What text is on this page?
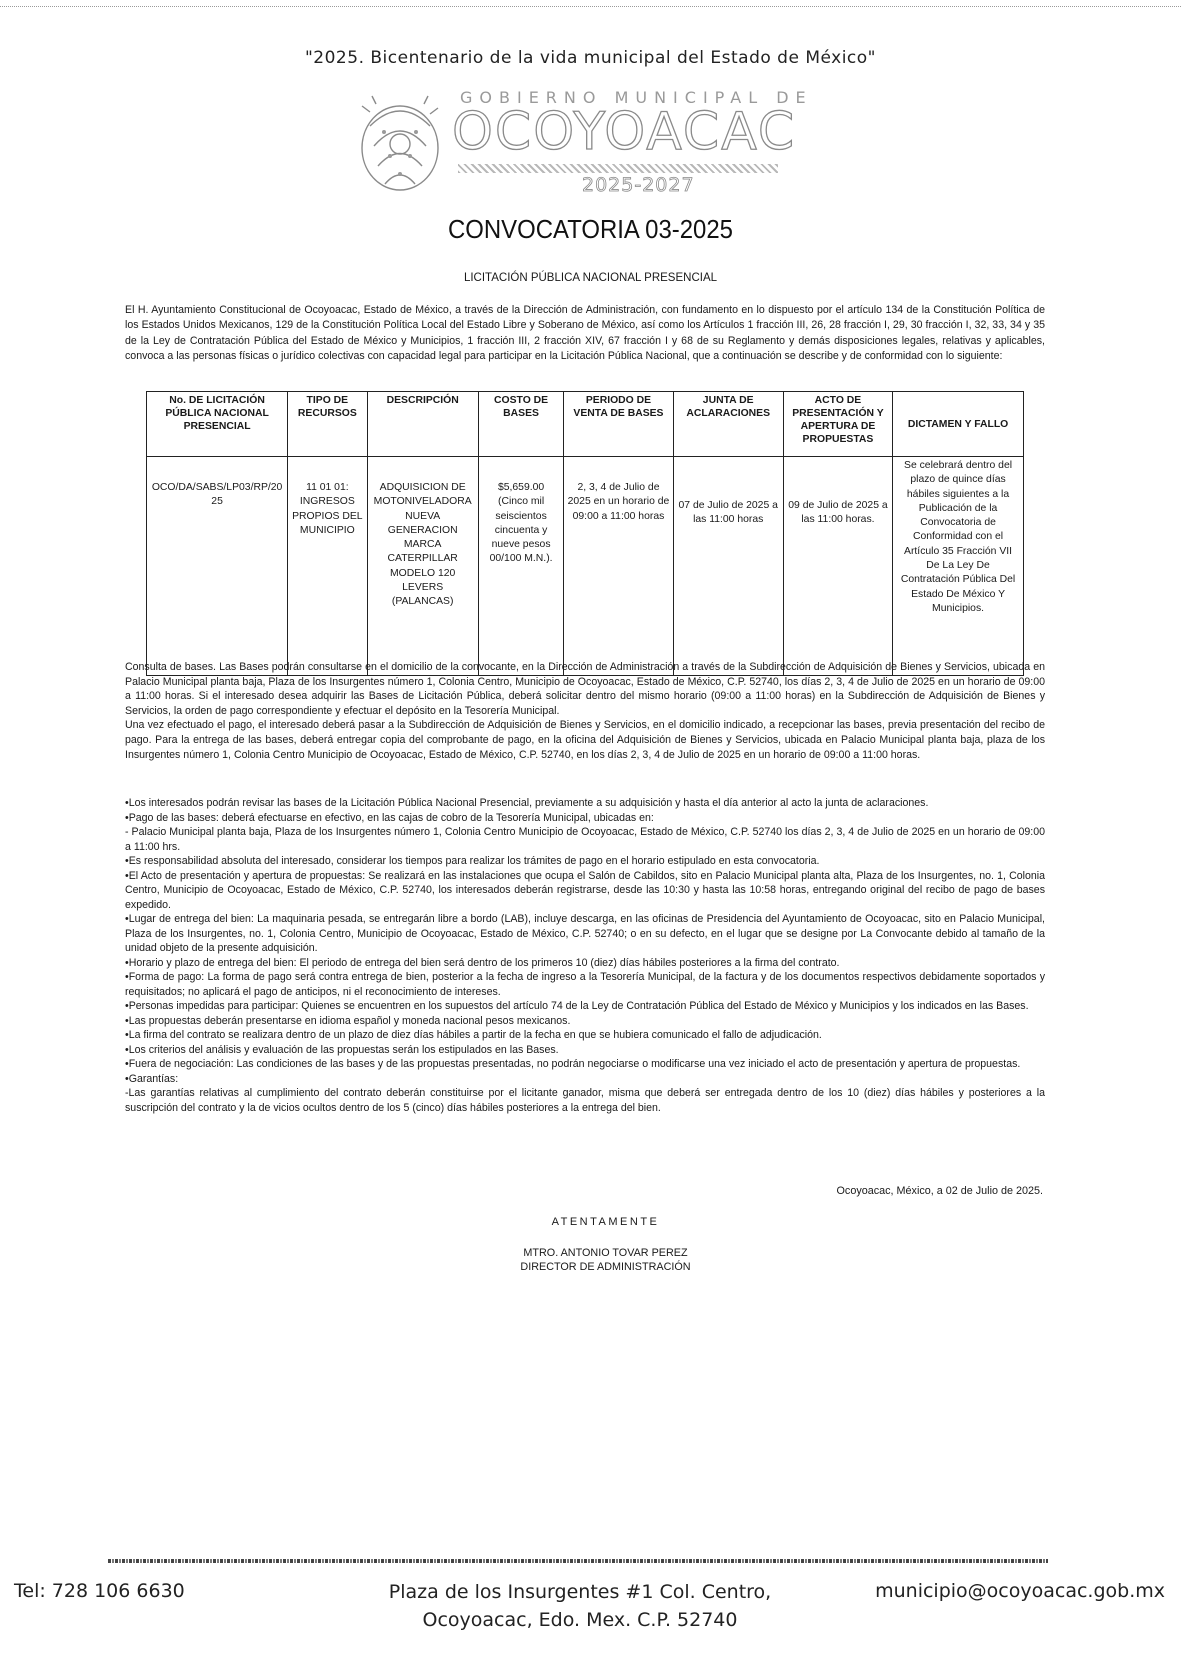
"2025. Bicentenario de la vida municipal del Estado de México"
GOBIERNO MUNICIPAL DE
OCOYOACAC
2025-2027
CONVOCATORIA 03-2025
LICITACIÓN PÚBLICA NACIONAL PRESENCIAL
El H. Ayuntamiento Constitucional de Ocoyoacac, Estado de México, a través de la Dirección de Administración, con fundamento en lo dispuesto por el artículo 134 de la Constitución Política de los Estados Unidos Mexicanos, 129 de la Constitución Política Local del Estado Libre y Soberano de México, así como los Artículos 1 fracción III, 26, 28 fracción I, 29, 30 fracción I, 32, 33, 34 y 35 de la Ley de Contratación Pública del Estado de México y Municipios, 1 fracción III, 2 fracción XIV, 67 fracción I y 68 de su Reglamento y demás disposiciones legales, relativas y aplicables, convoca a las personas físicas o jurídico colectivas con capacidad legal para participar en la Licitación Pública Nacional, que a continuación se describe y de conformidad con lo siguiente:
No. DE LICITACIÓN PÚBLICA NACIONAL PRESENCIAL	TIPO DE RECURSOS	DESCRIPCIÓN	COSTO DE BASES	PERIODO DE VENTA DE BASES	JUNTA DE ACLARACIONES	ACTO DE PRESENTACIÓN Y APERTURA DE PROPUESTAS	DICTAMEN Y FALLO
OCO/DA/SABS/LP03/RP/2025	11 01 01: INGRESOS PROPIOS DEL MUNICIPIO	ADQUISICION DE MOTONIVELADORA NUEVA GENERACION MARCA CATERPILLAR MODELO 120 LEVERS (PALANCAS)	$5,659.00 (Cinco mil seiscientos cincuenta y nueve pesos 00/100 M.N.).	2, 3, 4 de Julio de 2025 en un horario de 09:00 a 11:00 horas	07 de Julio de 2025 a las 11:00 horas	09 de Julio de 2025 a las 11:00 horas.	Se celebrará dentro del plazo de quince días hábiles siguientes a la Publicación de la Convocatoria de Conformidad con el Artículo 35 Fracción VII De La Ley De Contratación Pública Del Estado De México Y Municipios.

Consulta de bases. Las Bases podrán consultarse en el domicilio de la convocante, en la Dirección de Administración a través de la Subdirección de Adquisición de Bienes y Servicios, ubicada en Palacio Municipal planta baja, Plaza de los Insurgentes número 1, Colonia Centro, Municipio de Ocoyoacac, Estado de México, C.P. 52740, los días 2, 3, 4 de Julio de 2025 en un horario de 09:00 a 11:00 horas. Si el interesado desea adquirir las Bases de Licitación Pública, deberá solicitar dentro del mismo horario (09:00 a 11:00 horas) en la Subdirección de Adquisición de Bienes y Servicios, la orden de pago correspondiente y efectuar el depósito en la Tesorería Municipal.

Una vez efectuado el pago, el interesado deberá pasar a la Subdirección de Adquisición de Bienes y Servicios, en el domicilio indicado, a recepcionar las bases, previa presentación del recibo de pago. Para la entrega de las bases, deberá entregar copia del comprobante de pago, en la oficina del Adquisición de Bienes y Servicios, ubicada en Palacio Municipal planta baja, plaza de los Insurgentes número 1, Colonia Centro Municipio de Ocoyoacac, Estado de México, C.P. 52740, en los días 2, 3, 4 de Julio de 2025 en un horario de 09:00 a 11:00 horas.

•Los interesados podrán revisar las bases de la Licitación Pública Nacional Presencial, previamente a su adquisición y hasta el día anterior al acto la junta de aclaraciones.

•Pago de las bases: deberá efectuarse en efectivo, en las cajas de cobro de la Tesorería Municipal, ubicadas en:

- Palacio Municipal planta baja, Plaza de los Insurgentes número 1, Colonia Centro Municipio de Ocoyoacac, Estado de México, C.P. 52740 los días 2, 3, 4 de Julio de 2025 en un horario de 09:00 a 11:00 hrs.

•Es responsabilidad absoluta del interesado, considerar los tiempos para realizar los trámites de pago en el horario estipulado en esta convocatoria.

•El Acto de presentación y apertura de propuestas: Se realizará en las instalaciones que ocupa el Salón de Cabildos, sito en Palacio Municipal planta alta, Plaza de los Insurgentes, no. 1, Colonia Centro, Municipio de Ocoyoacac, Estado de México, C.P. 52740, los interesados deberán registrarse, desde las 10:30 y hasta las 10:58 horas, entregando original del recibo de pago de bases expedido.

•Lugar de entrega del bien: La maquinaria pesada, se entregarán libre a bordo (LAB), incluye descarga, en las oficinas de Presidencia del Ayuntamiento de Ocoyoacac, sito en Palacio Municipal, Plaza de los Insurgentes, no. 1, Colonia Centro, Municipio de Ocoyoacac, Estado de México, C.P. 52740; o en su defecto, en el lugar que se designe por La Convocante debido al tamaño de la unidad objeto de la presente adquisición.

•Horario y plazo de entrega del bien: El periodo de entrega del bien será dentro de los primeros 10 (diez) días hábiles posteriores a la firma del contrato.

•Forma de pago: La forma de pago será contra entrega de bien, posterior a la fecha de ingreso a la Tesorería Municipal, de la factura y de los documentos respectivos debidamente soportados y requisitados; no aplicará el pago de anticipos, ni el reconocimiento de intereses.

•Personas impedidas para participar: Quienes se encuentren en los supuestos del artículo 74 de la Ley de Contratación Pública del Estado de México y Municipios y los indicados en las Bases.

•Las propuestas deberán presentarse en idioma español y moneda nacional pesos mexicanos.

•La firma del contrato se realizara dentro de un plazo de diez días hábiles a partir de la fecha en que se hubiera comunicado el fallo de adjudicación.

•Los criterios del análisis y evaluación de las propuestas serán los estipulados en las Bases.

•Fuera de negociación: Las condiciones de las bases y de las propuestas presentadas, no podrán negociarse o modificarse una vez iniciado el acto de presentación y apertura de propuestas.

•Garantías:

-Las garantías relativas al cumplimiento del contrato deberán constituirse por el licitante ganador, misma que deberá ser entregada dentro de los 10 (diez) días hábiles y posteriores a la suscripción del contrato y la de vicios ocultos dentro de los 5 (cinco) días hábiles posteriores a la entrega del bien.

Ocoyoacac, México, a 02 de Julio de 2025.
ATENTAMENTE
MTRO. ANTONIO TOVAR PEREZ
DIRECTOR DE ADMINISTRACIÓN
Tel: 728 106 6630	Plaza de los Insurgentes #1 Col. Centro,
Ocoyoacac, Edo. Mex. C.P. 52740
municipio@ocoyoacac.gob.mx
